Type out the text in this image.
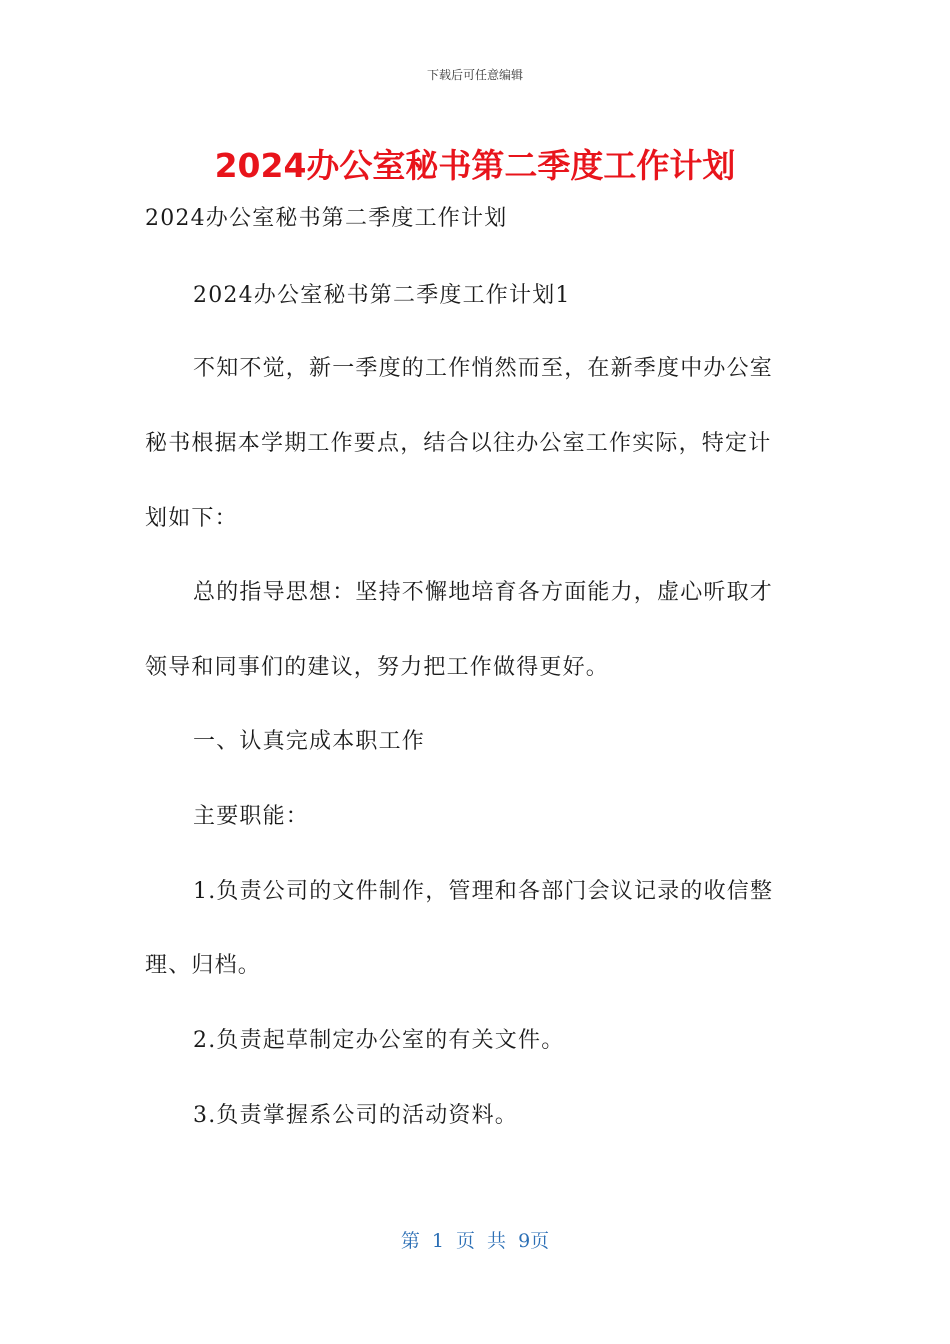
下载后可任意编辑
2024办公室秘书第二季度工作计划
2024办公室秘书第二季度工作计划
2024办公室秘书第二季度工作计划1
不知不觉，新一季度的工作悄然而至，在新季度中办公室
秘书根据本学期工作要点，结合以往办公室工作实际，特定计
划如下：
总的指导思想：坚持不懈地培育各方面能力，虚心听取才
领导和同事们的建议，努力把工作做得更好。
一、认真完成本职工作
主要职能：
1.负责公司的文件制作，管理和各部门会议记录的收信整
理、归档。
2.负责起草制定办公室的有关文件。
3.负责掌握系公司的活动资料。
第 1 页 共 9页
